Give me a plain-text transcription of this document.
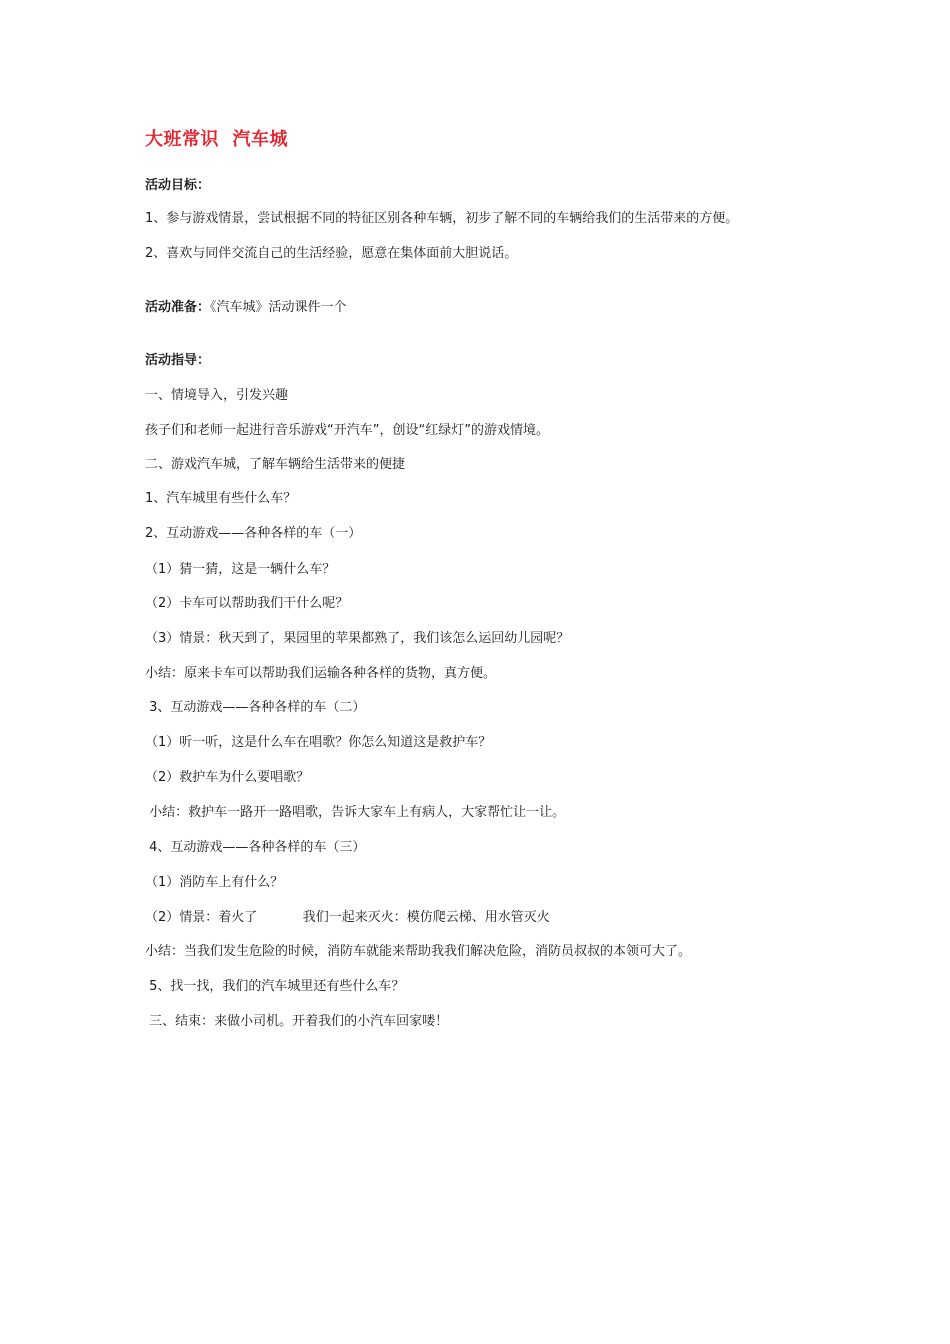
大班常识  汽车城
活动目标：
1、参与游戏情景，尝试根据不同的特征区别各种车辆，初步了解不同的车辆给我们的生活带来的方便。
2、喜欢与同伴交流自己的生活经验，愿意在集体面前大胆说话。
活动准备：《汽车城》活动课件一个
活动指导：
一、情境导入，引发兴趣
孩子们和老师一起进行音乐游戏“开汽车”，创设“红绿灯”的游戏情境。
二、游戏汽车城，了解车辆给生活带来的便捷
1、汽车城里有些什么车？
2、互动游戏——各种各样的车（一）
（1）猜一猜，这是一辆什么车？
（2）卡车可以帮助我们干什么呢？
（3）情景：秋天到了，果园里的苹果都熟了，我们该怎么运回幼儿园呢？
小结：原来卡车可以帮助我们运输各种各样的货物，真方便。
3、互动游戏——各种各样的车（二）
（1）听一听，这是什么车在唱歌？你怎么知道这是救护车？
（2）救护车为什么要唱歌？
小结：救护车一路开一路唱歌，告诉大家车上有病人，大家帮忙让一让。
4、互动游戏——各种各样的车（三）
（1）消防车上有什么？
（2）情景：着火了           我们一起来灭火：模仿爬云梯、用水管灭火
小结：当我们发生危险的时候，消防车就能来帮助我我们解决危险，消防员叔叔的本领可大了。
5、找一找，我们的汽车城里还有些什么车？
三、结束：来做小司机。开着我们的小汽车回家喽！
